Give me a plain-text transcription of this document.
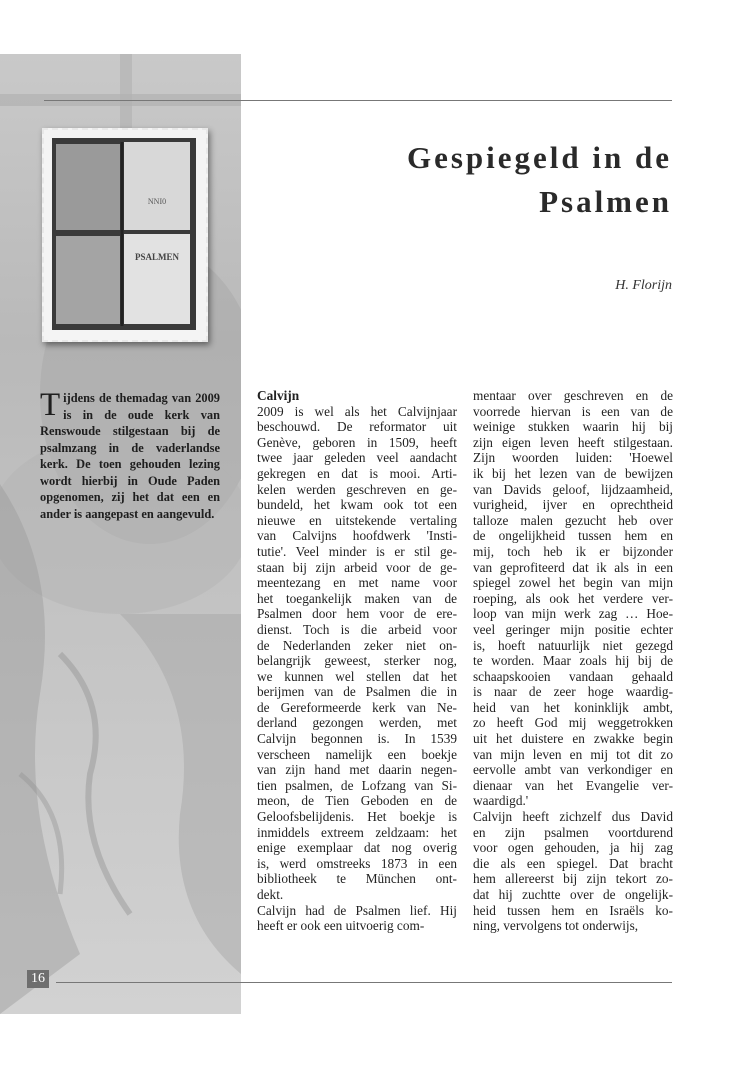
NNI0
PSALMEN
Gespiegeld in de
Psalmen

H. Florijn

Tijdens de themadag van 2009 is in de oude kerk van Renswoude stilgestaan bij de psalmzang in de vaderlandse kerk. De toen gehouden lezing wordt hierbij in Oude Paden opgenomen, zij het dat een en ander is aangepast en aangevuld.

Calvijn
2009 is wel als het Calvijnjaar
beschouwd. De reformator uit
Genève, geboren in 1509, heeft
twee jaar geleden veel aandacht
gekregen en dat is mooi. Arti-
kelen werden geschreven en ge-
bundeld, het kwam ook tot een
nieuwe en uitstekende vertaling
van Calvijns hoofdwerk 'Insti-
tutie'. Veel minder is er stil ge-
staan bij zijn arbeid voor de ge-
meentezang en met name voor
het toegankelijk maken van de
Psalmen door hem voor de ere-
dienst. Toch is die arbeid voor
de Nederlanden zeker niet on-
belangrijk geweest, sterker nog,
we kunnen wel stellen dat het
berijmen van de Psalmen die in
de Gereformeerde kerk van Ne-
derland gezongen werden, met
Calvijn begonnen is. In 1539
verscheen namelijk een boekje
van zijn hand met daarin negen-
tien psalmen, de Lofzang van Si-
meon, de Tien Geboden en de
Geloofsbelijdenis. Het boekje is
inmiddels extreem zeldzaam: het
enige exemplaar dat nog overig
is, werd omstreeks 1873 in een
bibliotheek te München ont-
dekt.
Calvijn had de Psalmen lief. Hij
heeft er ook een uitvoerig com-
mentaar over geschreven en de
voorrede hiervan is een van de
weinige stukken waarin hij bij
zijn eigen leven heeft stilgestaan.
Zijn woorden luiden: 'Hoewel
ik bij het lezen van de bewijzen
van Davids geloof, lijdzaamheid,
vurigheid, ijver en oprechtheid
talloze malen gezucht heb over
de ongelijkheid tussen hem en
mij, toch heb ik er bijzonder
van geprofiteerd dat ik als in een
spiegel zowel het begin van mijn
roeping, als ook het verdere ver-
loop van mijn werk zag … Hoe-
veel geringer mijn positie echter
is, hoeft natuurlijk niet gezegd
te worden. Maar zoals hij bij de
schaapskooien vandaan gehaald
is naar de zeer hoge waardig-
heid van het koninklijk ambt,
zo heeft God mij weggetrokken
uit het duistere en zwakke begin
van mijn leven en mij tot dit zo
eervolle ambt van verkondiger en
dienaar van het Evangelie ver-
waardigd.'
Calvijn heeft zichzelf dus David
en zijn psalmen voortdurend
voor ogen gehouden, ja hij zag
die als een spiegel. Dat bracht
hem allereerst bij zijn tekort zo-
dat hij zuchtte over de ongelijk-
heid tussen hem en Israëls ko-
ning, vervolgens tot onderwijs,
16
